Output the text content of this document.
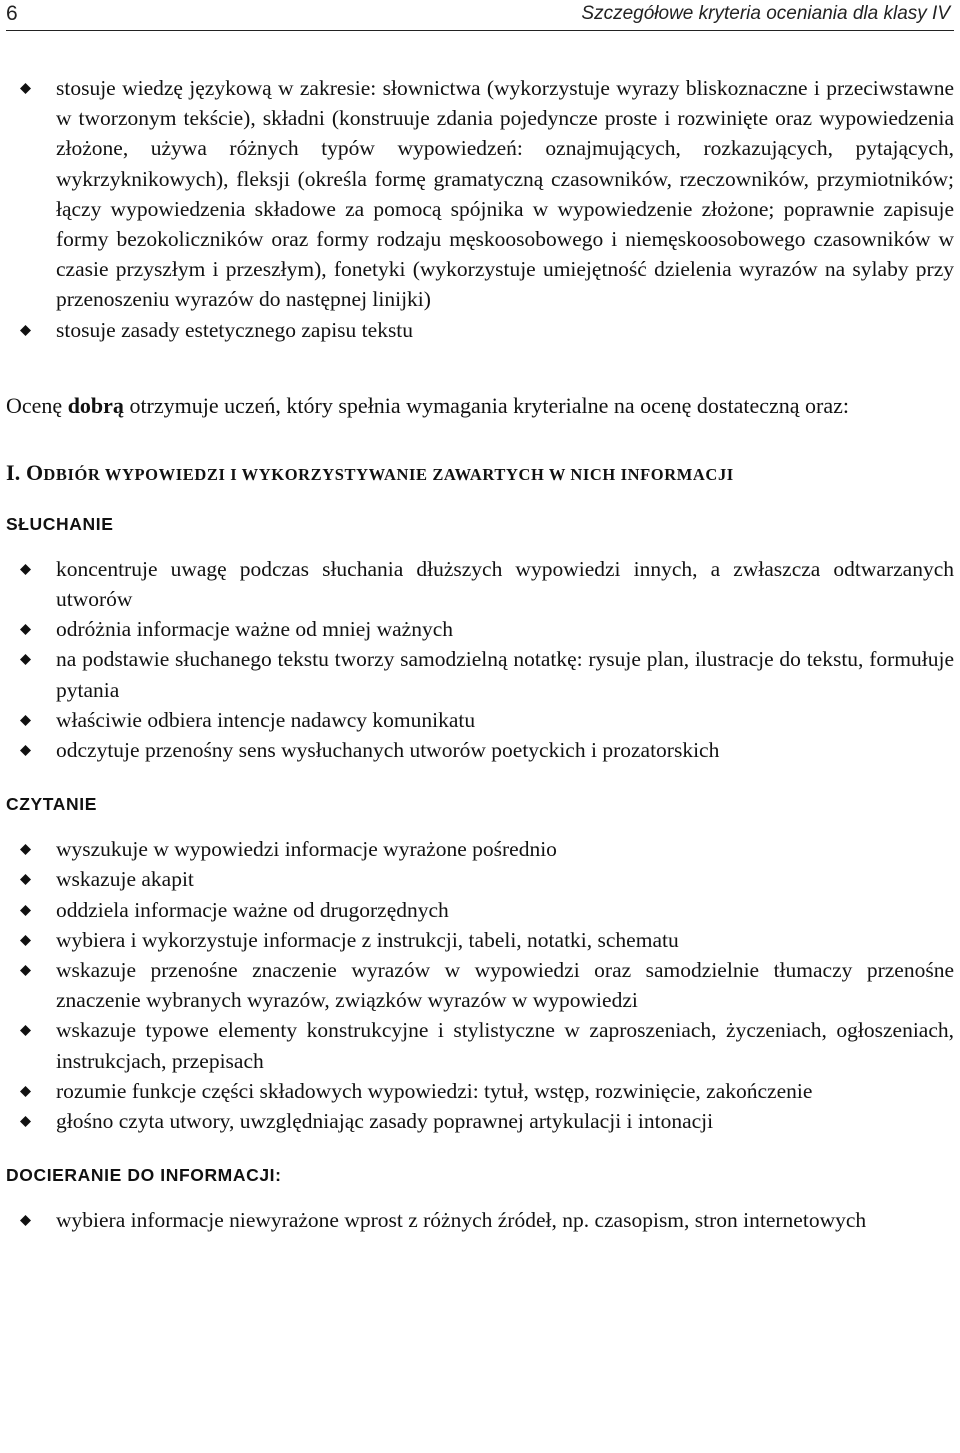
6	Szczegółowe kryteria oceniania dla klasy IV
stosuje wiedzę językową w zakresie: słownictwa (wykorzystuje wyrazy bliskoznaczne i przeciwstawne w tworzonym tekście), składni (konstruuje zdania pojedyncze proste i rozwinięte oraz wypowiedzenia złożone, używa różnych typów wypowiedzeń: oznajmujących, rozkazujących, pytających, wykrzyknikowych), fleksji (określa formę gramatyczną czasowników, rzeczowników, przymiotników; łączy wypowiedzenia składowe za pomocą spójnika w wypowiedzenie złożone; poprawnie zapisuje formy bezokoliczników oraz formy rodzaju męskoosobowego i niemęskoosobowego czasowników w czasie przyszłym i przeszłym), fonetyki (wykorzystuje umiejętność dzielenia wyrazów na sylaby przy przenoszeniu wyrazów do następnej linijki)
stosuje zasady estetycznego zapisu tekstu

Ocenę dobrą otrzymuje uczeń, który spełnia wymagania kryterialne na ocenę dostateczną oraz:

I. ODBIÓR WYPOWIEDZI I WYKORZYSTYWANIE ZAWARTYCH W NICH INFORMACJI
SŁUCHANIE
koncentruje uwagę podczas słuchania dłuższych wypowiedzi innych, a zwłaszcza odtwarzanych utworów
odróżnia informacje ważne od mniej ważnych
na podstawie słuchanego tekstu tworzy samodzielną notatkę: rysuje plan, ilustracje do tekstu, formułuje pytania
właściwie odbiera intencje nadawcy komunikatu
odczytuje przenośny sens wysłuchanych utworów poetyckich i prozatorskich
CZYTANIE
wyszukuje w wypowiedzi informacje wyrażone pośrednio
wskazuje akapit
oddziela informacje ważne od drugorzędnych
wybiera i wykorzystuje informacje z instrukcji, tabeli, notatki, schematu
wskazuje przenośne znaczenie wyrazów w wypowiedzi oraz samodzielnie tłumaczy przenośne znaczenie wybranych wyrazów, związków wyrazów w wypowiedzi
wskazuje typowe elementy konstrukcyjne i stylistyczne w zaproszeniach, życzeniach, ogłoszeniach, instrukcjach, przepisach
rozumie funkcje części składowych wypowiedzi: tytuł, wstęp, rozwinięcie, zakończenie
głośno czyta utwory, uwzględniając zasady poprawnej artykulacji i intonacji
DOCIERANIE DO INFORMACJI:
wybiera informacje niewyrażone wprost z różnych źródeł, np. czasopism, stron internetowych
